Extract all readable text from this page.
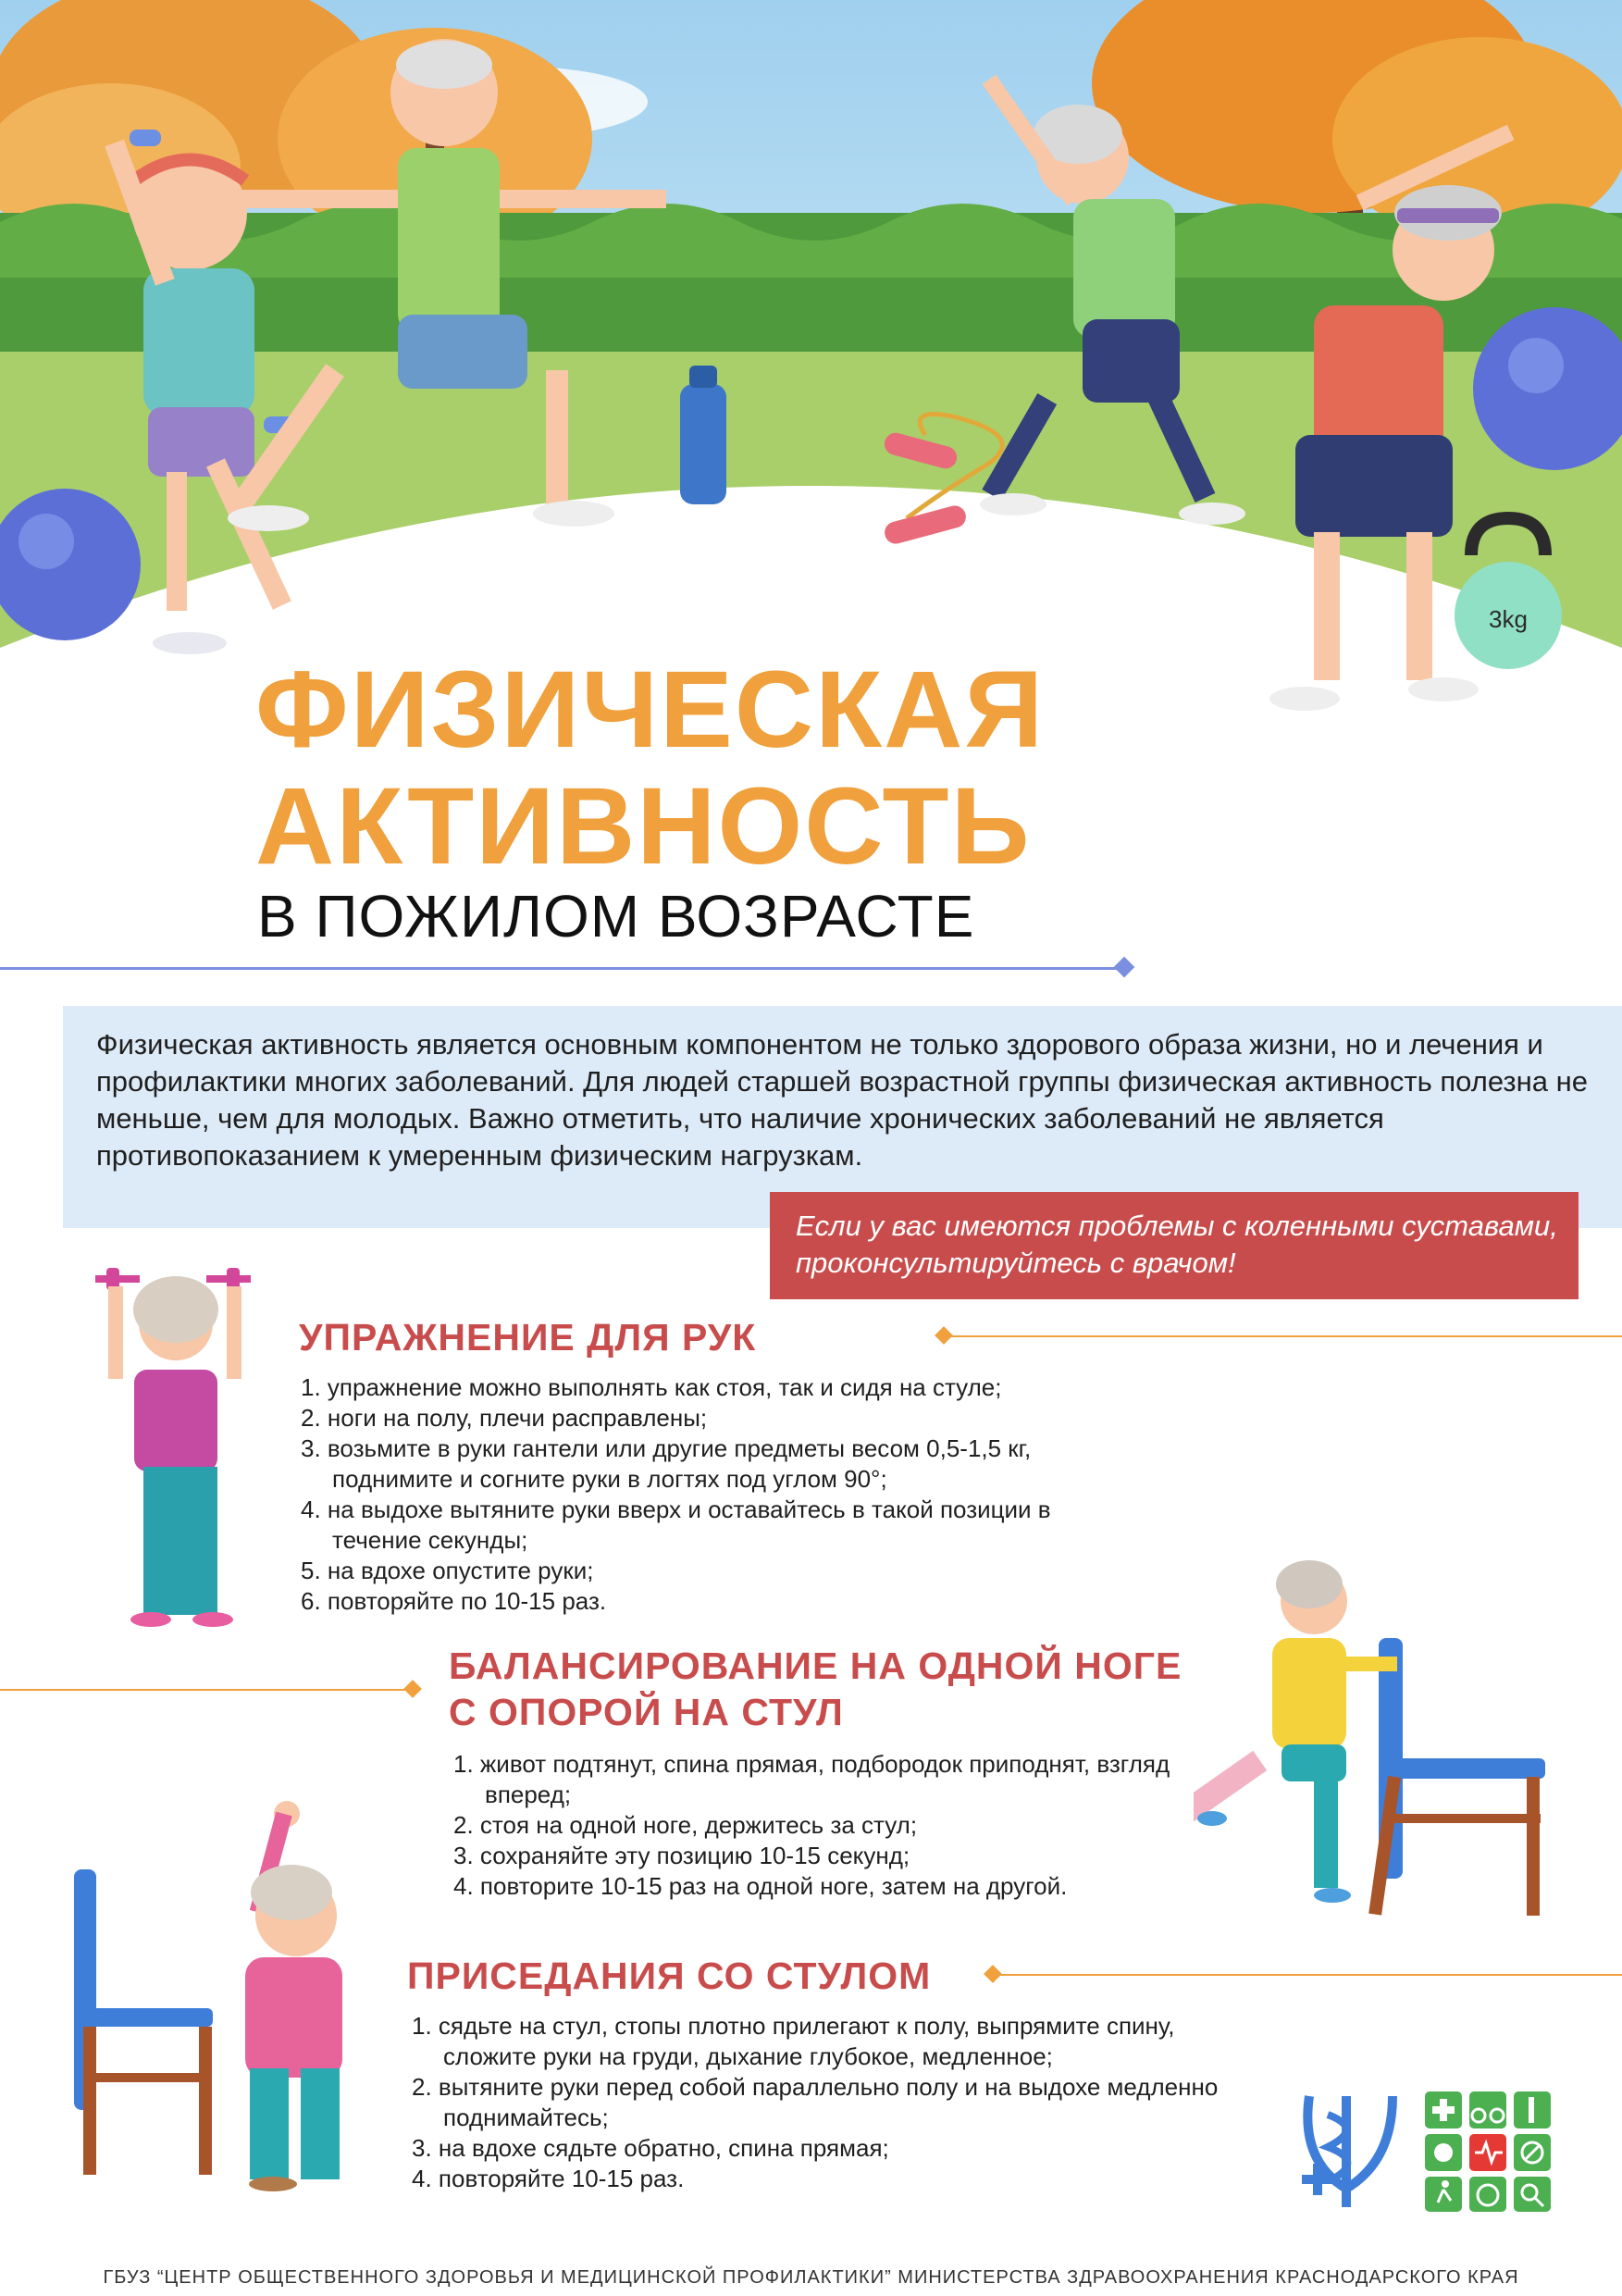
3kg
ФИЗИЧЕСКАЯ
АКТИВНОСТЬ
В ПОЖИЛОМ ВОЗРАСТЕ

Физическая активность является основным компонентом не только здорового образа жизни, но и лечения и профилактики многих заболеваний. Для людей старшей возрастной группы физическая активность полезна не меньше, чем для молодых. Важно отметить, что наличие хронических заболеваний не является противопоказанием к умеренным физическим нагрузкам.

Если у вас имеются проблемы с коленными суставами, проконсультируйтесь с врачом!

УПРАЖНЕНИЕ ДЛЯ РУК
1. упражнение можно выполнять как стоя, так и сидя на стуле;
2. ноги на полу, плечи расправлены;
3. возьмите в руки гантели или другие предметы весом 0,5-1,5 кг, поднимите и согните руки в логтях под углом 90°;
4. на выдохе вытяните руки вверх и оставайтесь в такой позиции в течение секунды;
5. на вдохе опустите руки;
6. повторяйте по 10-15 раз.
БАЛАНСИРОВАНИЕ НА ОДНОЙ НОГЕ
С ОПОРОЙ НА СТУЛ
1. живот подтянут, спина прямая, подбородок приподнят, взгляд вперед;
2. стоя на одной ноге, держитесь за стул;
3. сохраняйте эту позицию 10-15 секунд;
4. повторите 10-15 раз на одной ноге, затем на другой.
ПРИСЕДАНИЯ СО СТУЛОМ
1. сядьте на стул, стопы плотно прилегают к полу, выпрямите спину, сложите руки на груди, дыхание глубокое, медленное;
2. вытяните руки перед собой параллельно полу и на выдохе медленно поднимайтесь;
3. на вдохе сядьте обратно, спина прямая;
4. повторяйте 10-15 раз.
ГБУЗ “ЦЕНТР ОБЩЕСТВЕННОГО ЗДОРОВЬЯ И МЕДИЦИНСКОЙ ПРОФИЛАКТИКИ” МИНИСТЕРСТВА ЗДРАВООХРАНЕНИЯ КРАСНОДАРСКОГО КРАЯ
